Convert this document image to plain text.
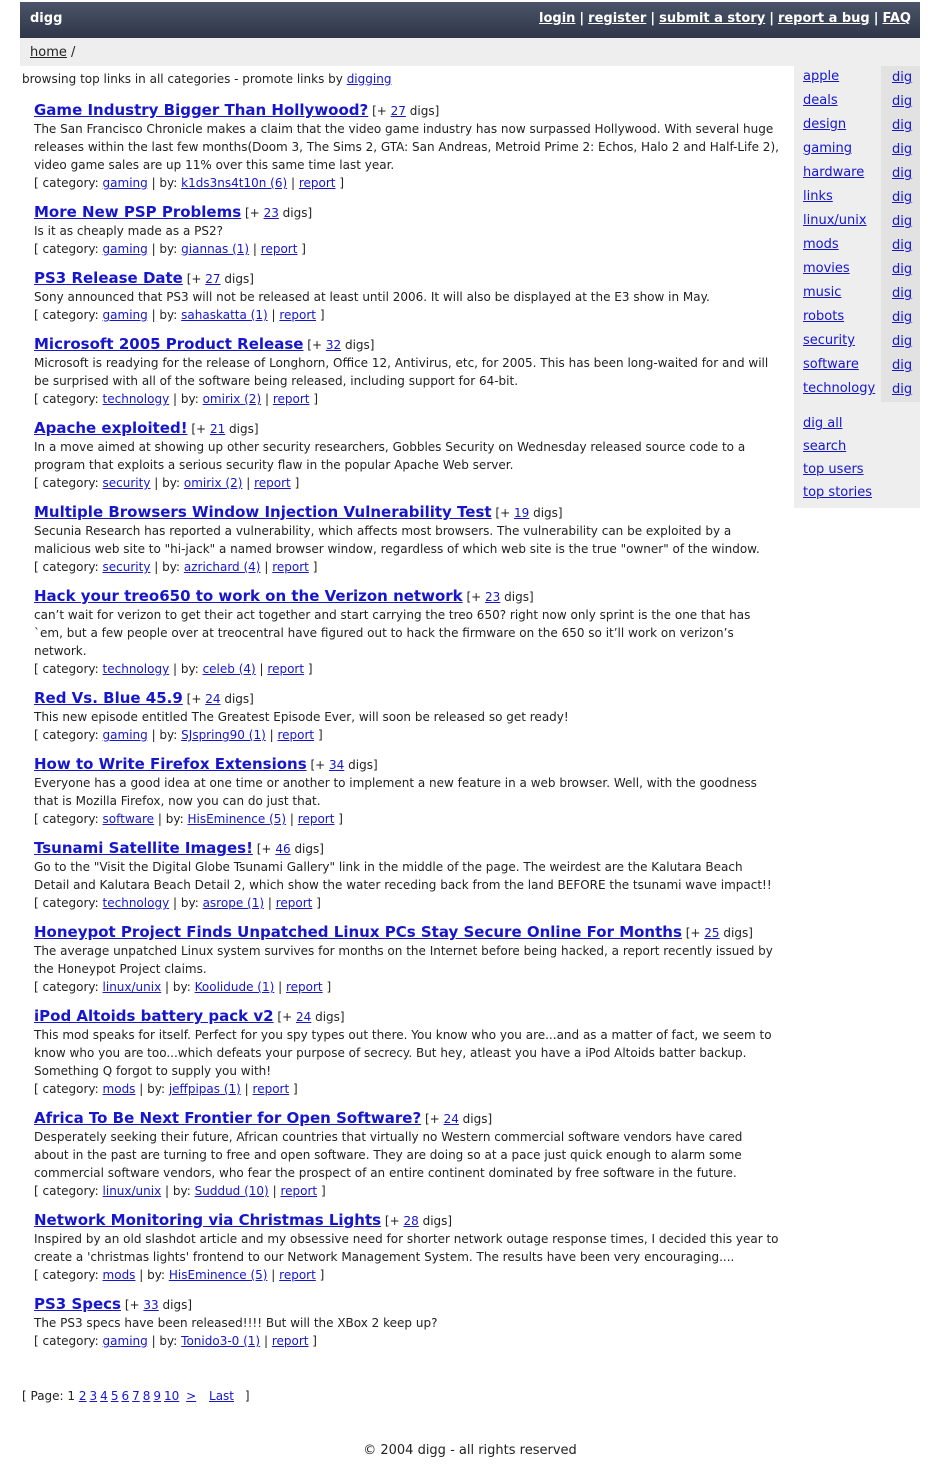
digg	login | register | submit a story | report a bug | FAQ
home /
browsing top links in all categories - promote links by digging
Game Industry Bigger Than Hollywood? [+ 27 digs]
The San Francisco Chronicle makes a claim that the video game industry has now surpassed Hollywood. With several huge releases within the last few months(Doom 3, The Sims 2, GTA: San Andreas, Metroid Prime 2: Echos, Halo 2 and Half-Life 2), video game sales are up 11% over this same time last year.
[ category: gaming | by: k1ds3ns4t10n (6) | report ]
More New PSP Problems [+ 23 digs]
Is it as cheaply made as a PS2?
[ category: gaming | by: giannas (1) | report ]
PS3 Release Date [+ 27 digs]
Sony announced that PS3 will not be released at least until 2006. It will also be displayed at the E3 show in May.
[ category: gaming | by: sahaskatta (1) | report ]
Microsoft 2005 Product Release [+ 32 digs]
Microsoft is readying for the release of Longhorn, Office 12, Antivirus, etc, for 2005. This has been long-waited for and will be surprised with all of the software being released, including support for 64-bit.
[ category: technology | by: omirix (2) | report ]
Apache exploited! [+ 21 digs]
In a move aimed at showing up other security researchers, Gobbles Security on Wednesday released source code to a program that exploits a serious security flaw in the popular Apache Web server.
[ category: security | by: omirix (2) | report ]
Multiple Browsers Window Injection Vulnerability Test [+ 19 digs]
Secunia Research has reported a vulnerability, which affects most browsers. The vulnerability can be exploited by a malicious web site to "hi-jack" a named browser window, regardless of which web site is the true "owner" of the window.
[ category: security | by: azrichard (4) | report ]
Hack your treo650 to work on the Verizon network [+ 23 digs]
can’t wait for verizon to get their act together and start carrying the treo 650? right now only sprint is the one that has `em, but a few people over at treocentral have figured out to hack the firmware on the 650 so it’ll work on verizon’s network.
[ category: technology | by: celeb (4) | report ]
Red Vs. Blue 45.9 [+ 24 digs]
This new episode entitled The Greatest Episode Ever, will soon be released so get ready!
[ category: gaming | by: SJspring90 (1) | report ]
How to Write Firefox Extensions [+ 34 digs]
Everyone has a good idea at one time or another to implement a new feature in a web browser. Well, with the goodness that is Mozilla Firefox, now you can do just that.
[ category: software | by: HisEminence (5) | report ]
Tsunami Satellite Images! [+ 46 digs]
Go to the "Visit the Digital Globe Tsunami Gallery" link in the middle of the page. The weirdest are the Kalutara Beach Detail and Kalutara Beach Detail 2, which show the water receding back from the land BEFORE the tsunami wave impact!!
[ category: technology | by: asrope (1) | report ]
Honeypot Project Finds Unpatched Linux PCs Stay Secure Online For Months [+ 25 digs]
The average unpatched Linux system survives for months on the Internet before being hacked, a report recently issued by the Honeypot Project claims.
[ category: linux/unix | by: Koolidude (1) | report ]
iPod Altoids battery pack v2 [+ 24 digs]
This mod speaks for itself. Perfect for you spy types out there. You know who you are...and as a matter of fact, we seem to know who you are too...which defeats your purpose of secrecy. But hey, atleast you have a iPod Altoids batter backup. Something Q forgot to supply you with!
[ category: mods | by: jeffpipas (1) | report ]
Africa To Be Next Frontier for Open Software? [+ 24 digs]
Desperately seeking their future, African countries that virtually no Western commercial software vendors have cared about in the past are turning to free and open software. They are doing so at a pace just quick enough to alarm some commercial software vendors, who fear the prospect of an entire continent dominated by free software in the future.
[ category: linux/unix | by: Suddud (10) | report ]
Network Monitoring via Christmas Lights [+ 28 digs]
Inspired by an old slashdot article and my obsessive need for shorter network outage response times, I decided this year to create a 'christmas lights' frontend to our Network Management System. The results have been very encouraging....
[ category: mods | by: HisEminence (5) | report ]
PS3 Specs [+ 33 digs]
The PS3 specs have been released!!!! But will the XBox 2 keep up?
[ category: gaming | by: Tonido3-0 (1) | report ]
[ Page: 1 2 3 4 5 6 7 8 9 10 > Last ]
© 2004 digg - all rights reserved
apple	dig
deals	dig
design	dig
gaming	dig
hardware dig
links	dig
linux/unix dig
mods	dig
movies	dig
music	dig
robots	dig
security	dig
software	dig
technology dig
dig all
search
top users
top stories
